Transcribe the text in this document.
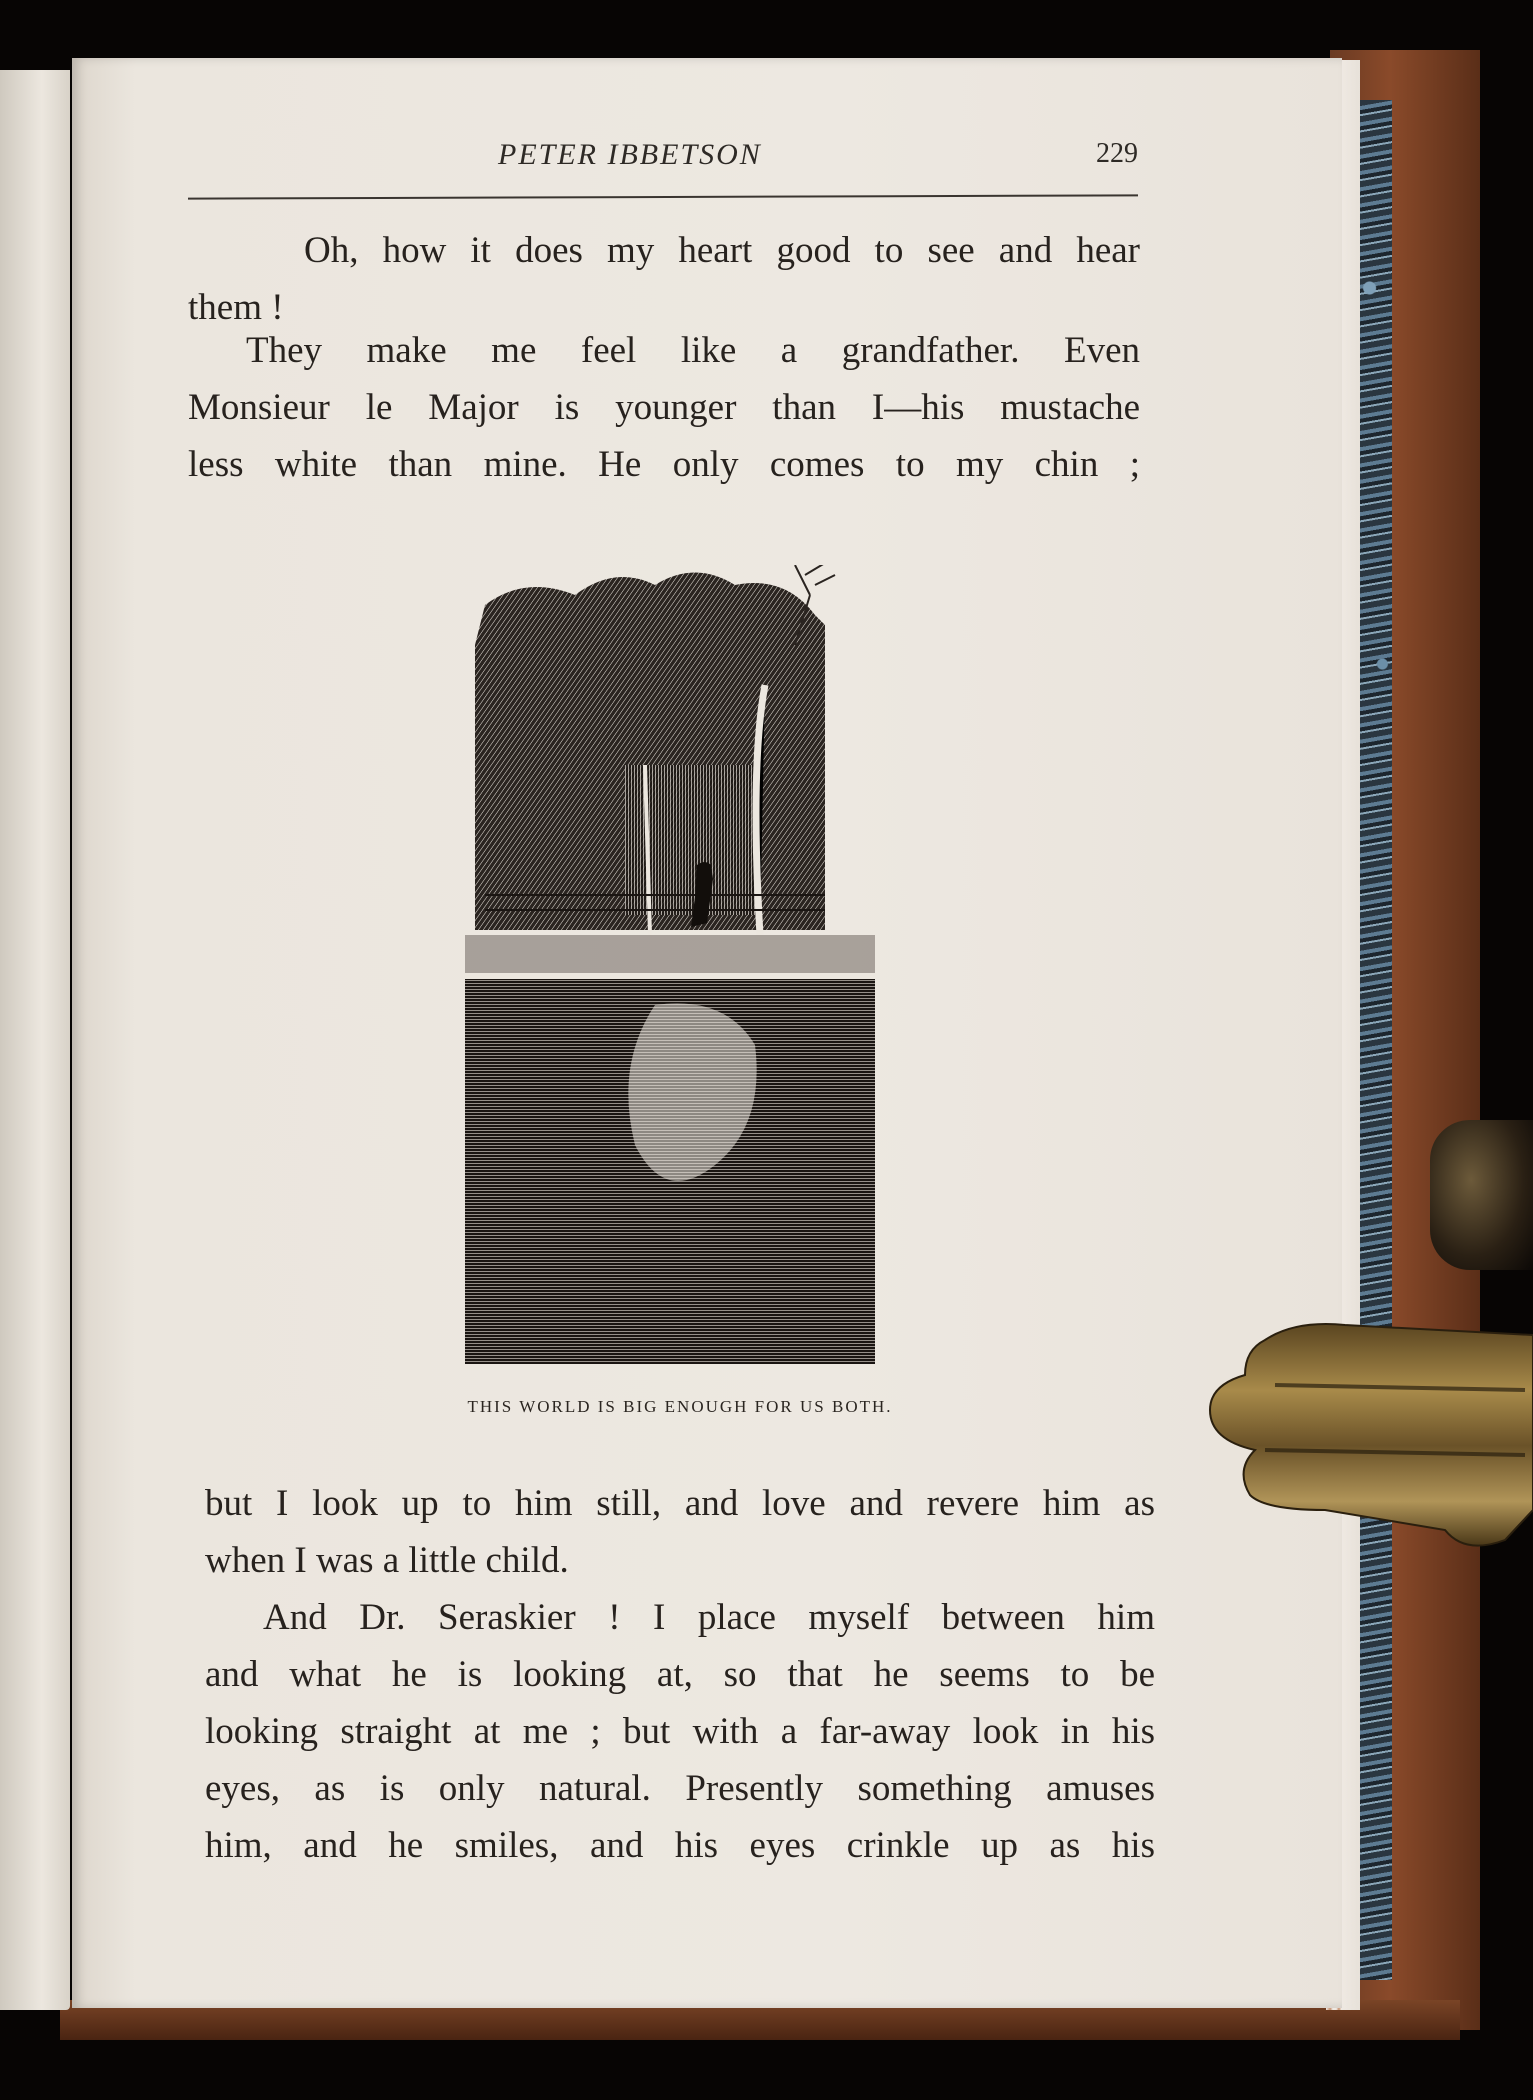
PETER IBBETSON	229
Oh, how it does my heart good to see and hear
them !
They make me feel like a grandfather. Even
Monsieur le Major is younger than I—his mustache
less white than mine. He only comes to my chin ;
THIS WORLD IS BIG ENOUGH FOR US BOTH.
but I look up to him still, and love and revere him as
when I was a little child.
And Dr. Seraskier ! I place myself between him
and what he is looking at, so that he seems to be
looking straight at me ; but with a far-away look in his
eyes, as is only natural. Presently something amuses
him, and he smiles, and his eyes crinkle up as his
